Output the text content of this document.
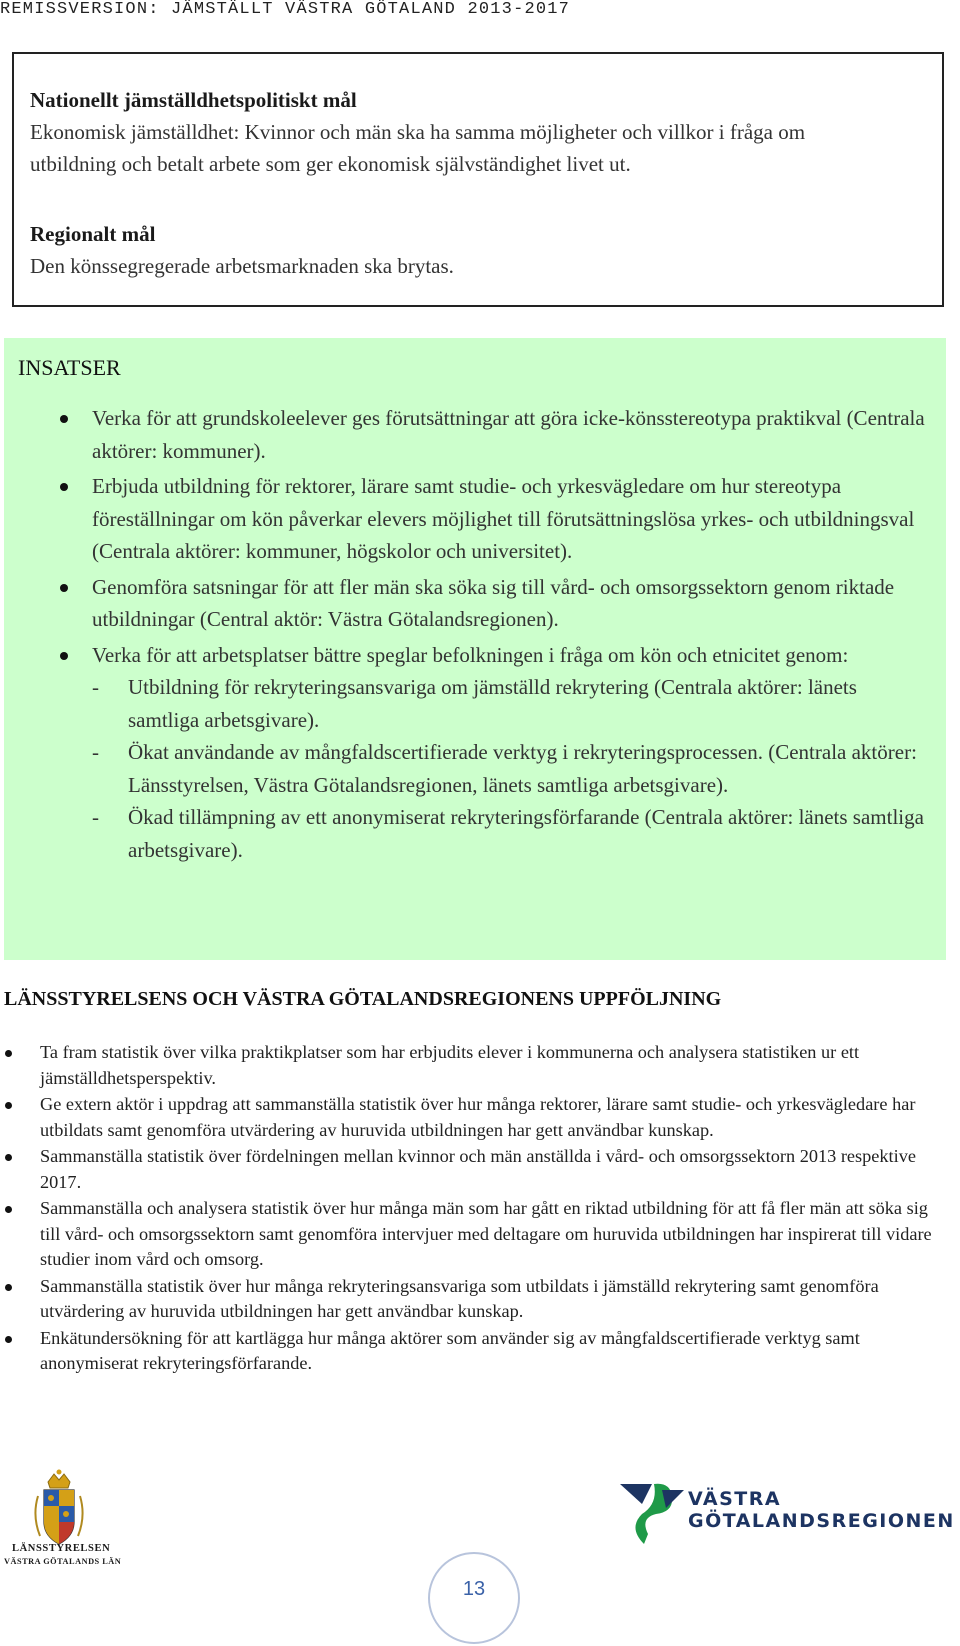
REMISSVERSION: JÄMSTÄLLT VÄSTRA GÖTALAND 2013-2017
Nationellt jämställdhetspolitiskt mål
Ekonomisk jämställdhet: Kvinnor och män ska ha samma möjligheter och villkor i fråga om
utbildning och betalt arbete som ger ekonomisk självständighet livet ut.
Regionalt mål
Den könssegregerade arbetsmarknaden ska brytas.
INSATSER
Verka för att grundskoleelever ges förutsättningar att göra icke-könsstereotypa praktikval (Centrala aktörer: kommuner).
Erbjuda utbildning för rektorer, lärare samt studie- och yrkesvägledare om hur stereotypa föreställningar om kön påverkar elevers möjlighet till förutsättningslösa yrkes- och utbildningsval (Centrala aktörer: kommuner, högskolor och universitet).
Genomföra satsningar för att fler män ska söka sig till vård- och omsorgssektorn genom riktade utbildningar (Central aktör: Västra Götalandsregionen).
Verka för att arbetsplatser bättre speglar befolkningen i fråga om kön och etnicitet genom:
- Utbildning för rekryteringsansvariga om jämställd rekrytering (Centrala aktörer: länets samtliga arbetsgivare).
- Ökat användande av mångfaldscertifierade verktyg i rekryteringsprocessen. (Centrala aktörer: Länsstyrelsen, Västra Götalandsregionen, länets samtliga arbetsgivare).
- Ökad tillämpning av ett anonymiserat rekryteringsförfarande (Centrala aktörer: länets samtliga arbetsgivare).
LÄNSSTYRELSENS OCH VÄSTRA GÖTALANDSREGIONENS UPPFÖLJNING
Ta fram statistik över vilka praktikplatser som har erbjudits elever i kommunerna och analysera statistiken ur ett jämställdhetsperspektiv.
Ge extern aktör i uppdrag att sammanställa statistik över hur många rektorer, lärare samt studie- och yrkesvägledare har utbildats samt genomföra utvärdering av huruvida utbildningen har gett användbar kunskap.
Sammanställa statistik över fördelningen mellan kvinnor och män anställda i vård- och omsorgssektorn 2013 respektive 2017.
Sammanställa och analysera statistik över hur många män som har gått en riktad utbildning för att få fler män att söka sig till vård- och omsorgssektorn samt genomföra intervjuer med deltagare om huruvida utbildningen har inspirerat till vidare studier inom vård och omsorg.
Sammanställa statistik över hur många rekryteringsansvariga som utbildats i jämställd rekrytering samt genomföra utvärdering av huruvida utbildningen har gett användbar kunskap.
Enkätundersökning för att kartlägga hur många aktörer som använder sig av mångfaldscertifierade verktyg samt anonymiserat rekryteringsförfarande.
LÄNSSTYRELSEN
VÄSTRA GÖTALANDS LÄN
VÄSTRA
GÖTALANDSREGIONEN
13
